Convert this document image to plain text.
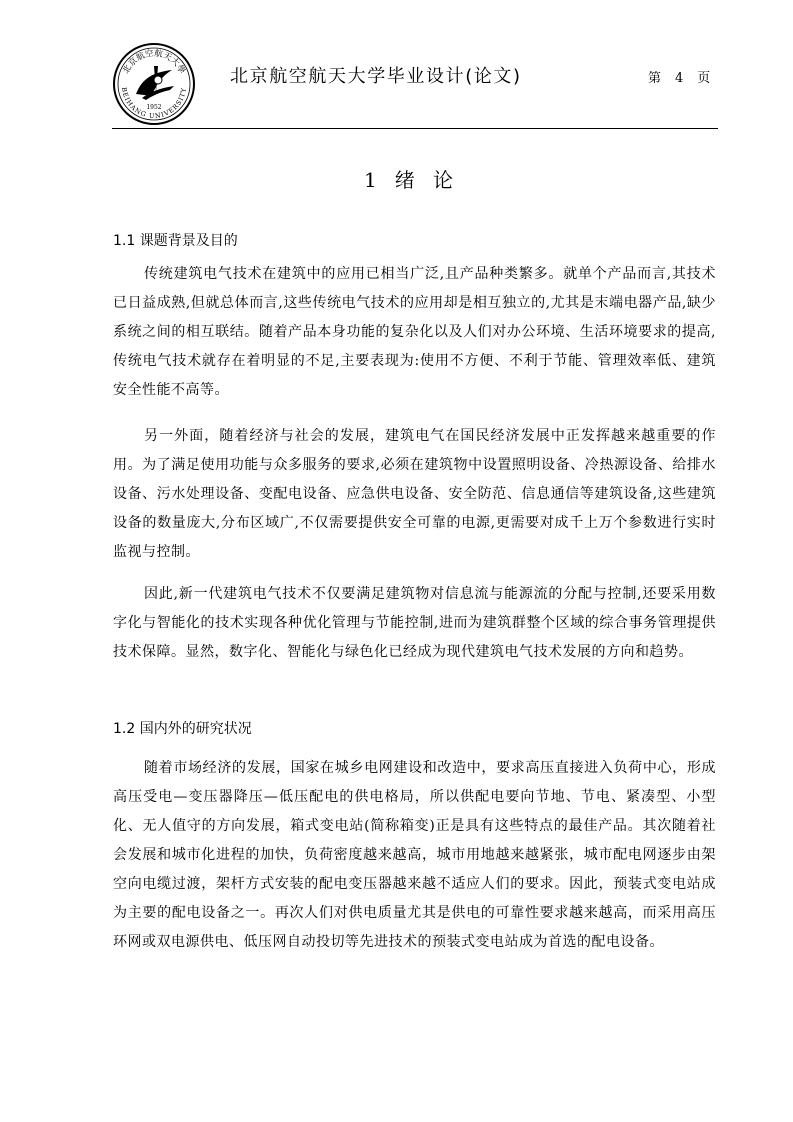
北京航空航天大學
BEIHANG UNIVERSITY
1952
北京航空航天大学毕业设计(论文)	第 4 页
1 绪 论
1.1 课题背景及目的
传统建筑电气技术在建筑中的应用已相当广泛,且产品种类繁多。就单个产品而言,其技术已日益成熟,但就总体而言,这些传统电气技术的应用却是相互独立的,尤其是末端电器产品,缺少系统之间的相互联结。随着产品本身功能的复杂化以及人们对办公环境、生活环境要求的提高,传统电气技术就存在着明显的不足,主要表现为:使用不方便、不利于节能、管理效率低、建筑安全性能不高等。
另一外面，随着经济与社会的发展，建筑电气在国民经济发展中正发挥越来越重要的作用。为了满足使用功能与众多服务的要求,必须在建筑物中设置照明设备、冷热源设备、给排水设备、污水处理设备、变配电设备、应急供电设备、安全防范、信息通信等建筑设备,这些建筑设备的数量庞大,分布区域广,不仅需要提供安全可靠的电源,更需要对成千上万个参数进行实时监视与控制。
因此,新一代建筑电气技术不仅要满足建筑物对信息流与能源流的分配与控制,还要采用数字化与智能化的技术实现各种优化管理与节能控制,进而为建筑群整个区域的综合事务管理提供技术保障。显然，数字化、智能化与绿色化已经成为现代建筑电气技术发展的方向和趋势。
1.2 国内外的研究状况
随着市场经济的发展，国家在城乡电网建设和改造中，要求高压直接进入负荷中心，形成高压受电—变压器降压—低压配电的供电格局，所以供配电要向节地、节电、紧凑型、小型化、无人值守的方向发展，箱式变电站(简称箱变)正是具有这些特点的最佳产品。其次随着社会发展和城市化进程的加快，负荷密度越来越高，城市用地越来越紧张，城市配电网逐步由架空向电缆过渡，架杆方式安装的配电变压器越来越不适应人们的要求。因此，预装式变电站成为主要的配电设备之一。再次人们对供电质量尤其是供电的可靠性要求越来越高，而采用高压环网或双电源供电、低压网自动投切等先进技术的预装式变电站成为首选的配电设备。
